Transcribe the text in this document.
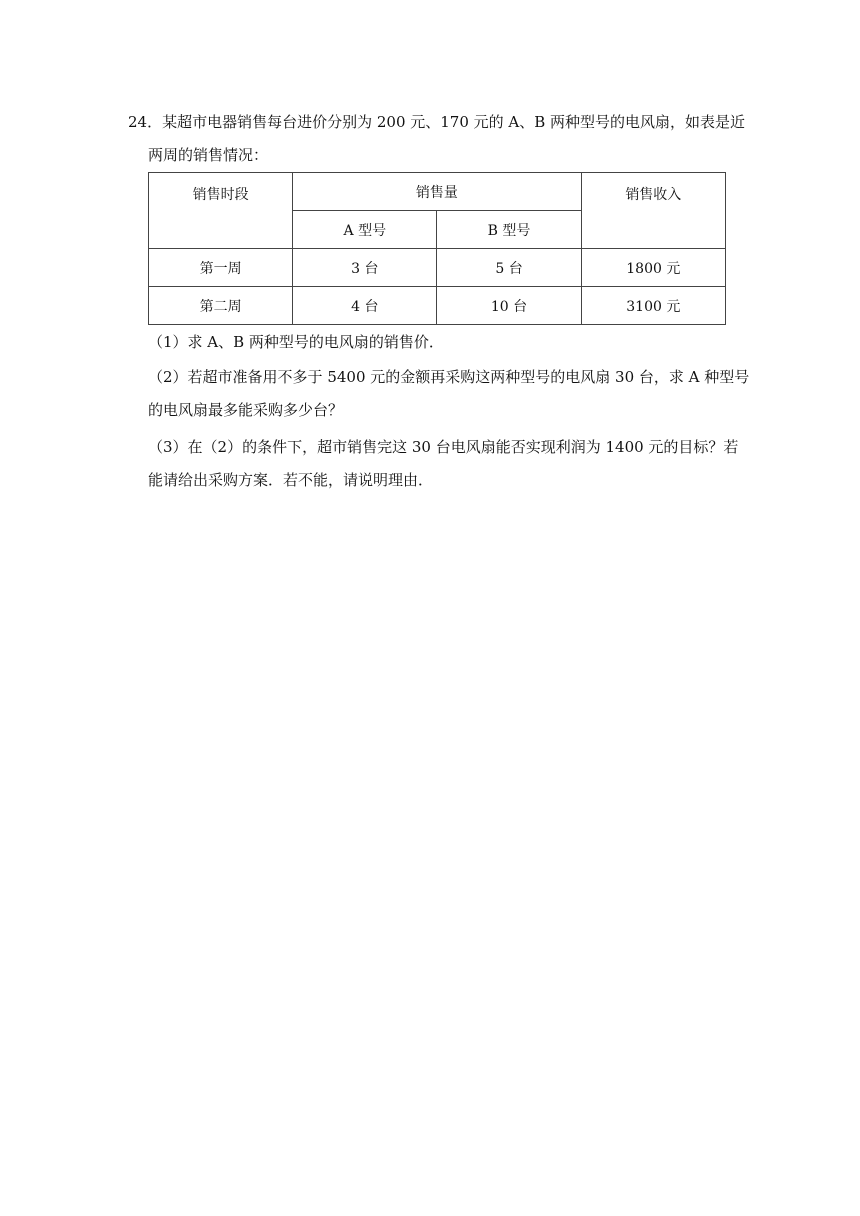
24．某超市电器销售每台进价分别为 200 元、170 元的 A、B 两种型号的电风扇，如表是近
两周的销售情况：
销售时段	销售量		销售收入
	A 型号	B 型号	
第一周	3 台	5 台	1800 元
第二周	4 台	10 台	3100 元
（1）求 A、B 两种型号的电风扇的销售价．
（2）若超市准备用不多于 5400 元的金额再采购这两种型号的电风扇 30 台，求 A 种型号
的电风扇最多能采购多少台？
（3）在（2）的条件下，超市销售完这 30 台电风扇能否实现利润为 1400 元的目标？若
能请给出采购方案．若不能，请说明理由．
